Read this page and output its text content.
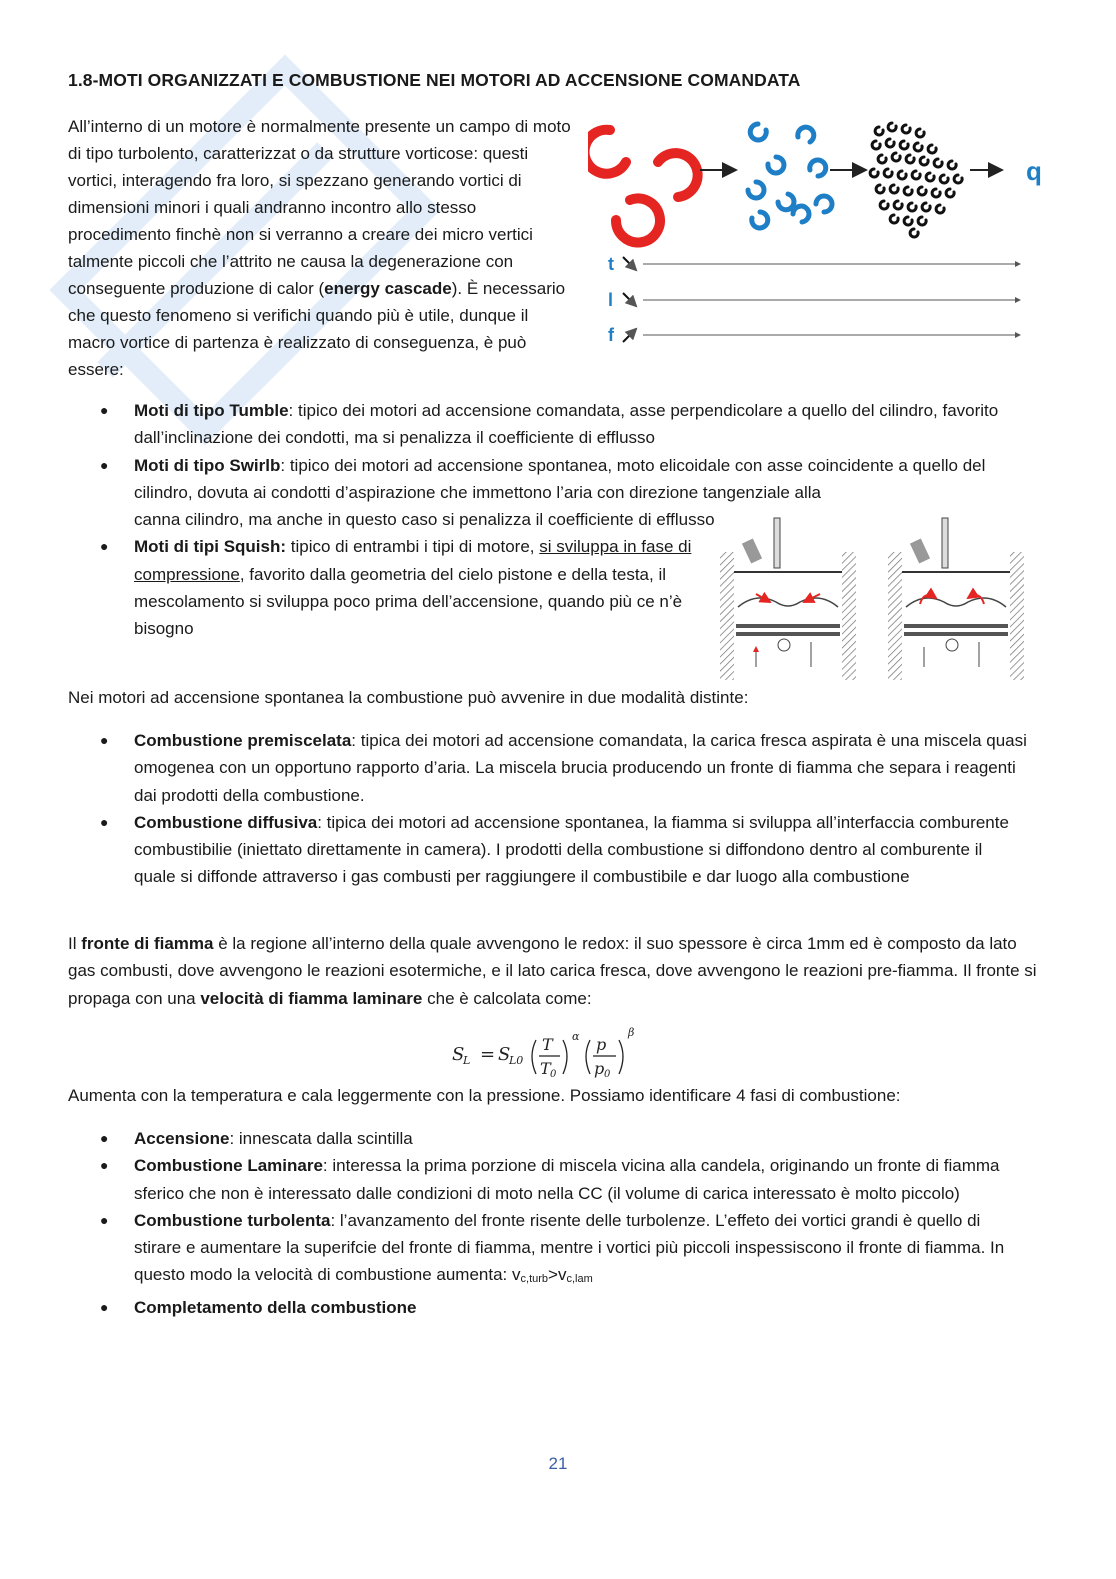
1.8-MOTI ORGANIZZATI E COMBUSTIONE NEI MOTORI AD ACCENSIONE COMANDATA

All’interno di un motore è normalmente presente un campo di moto di tipo turbolento, caratterizzat o da strutture vorticose: questi vortici, interagendo fra loro, si spezzano generando vortici di dimensioni minori i quali andranno incontro allo stesso procedimento finchè non si verranno a creare dei micro vertici talmente piccoli che l’attrito ne causa la degenerazione con conseguente produzione di calor (energy cascade). È necessario che questo fenomeno si verifichi quando più è utile, dunque il macro vortice di partenza è realizzato di conseguenza, è può essere:

q
t
l
f
● Moti di tipo Tumble: tipico dei motori ad accensione comandata, asse perpendicolare a quello del cilindro, favorito dall’inclinazione dei condotti, ma si penalizza il coefficiente di efflusso
● Moti di tipo Swirlb: tipico dei motori ad accensione spontanea, moto elicoidale con asse coincidente a quello del cilindro, dovuta ai condotti d’aspirazione che immettono l’aria con direzione tangenziale alla
canna cilindro, ma anche in questo caso si penalizza il coefficiente di efflusso
● Moti di tipi Squish: tipico di entrambi i tipi di motore, si sviluppa in fase di compressione, favorito dalla geometria del cielo pistone e della testa, il mescolamento si sviluppa poco prima dell’accensione, quando più ce n’è bisogno

Nei motori ad accensione spontanea la combustione può avvenire in due modalità distinte:

● Combustione premiscelata: tipica dei motori ad accensione comandata, la carica fresca aspirata è una miscela quasi omogenea con un opportuno rapporto d’aria. La miscela brucia producendo un fronte di fiamma che separa i reagenti dai prodotti della combustione.
● Combustione diffusiva: tipica dei motori ad accensione spontanea, la fiamma si sviluppa all’interfaccia comburente combustibilie (iniettato direttamente in camera). I prodotti della combustione si diffondono dentro al comburente il quale si diffonde attraverso i gas combusti per raggiungere il combustibile e dar luogo alla combustione

Il fronte di fiamma è la regione all’interno della quale avvengono le redox: il suo spessore è circa 1mm ed è composto da lato gas combusti, dove avvengono le reazioni esotermiche, e il lato carica fresca, dove avvengono le reazioni pre-fiamma. Il fronte si propaga con una velocità di fiamma laminare che è calcolata come:

S
L = S
L0
T
T 0
α p
p 0
β

Aumenta con la temperatura e cala leggermente con la pressione. Possiamo identificare 4 fasi di combustione:

● Accensione: innescata dalla scintilla
● Combustione Laminare: interessa la prima porzione di miscela vicina alla candela, originando un fronte di fiamma sferico che non è interessato dalle condizioni di moto nella CC (il volume di carica interessato è molto piccolo)
● Combustione turbolenta: l’avanzamento del fronte risente delle turbolenze. L’effeto dei vortici grandi è quello di stirare e aumentare la superifcie del fronte di fiamma, mentre i vortici più piccoli inspessiscono il fronte di fiamma. In questo modo la velocità di combustione aumenta: $v_{c,turb}>v_{c,lam}$
● Completamento della combustione
21
